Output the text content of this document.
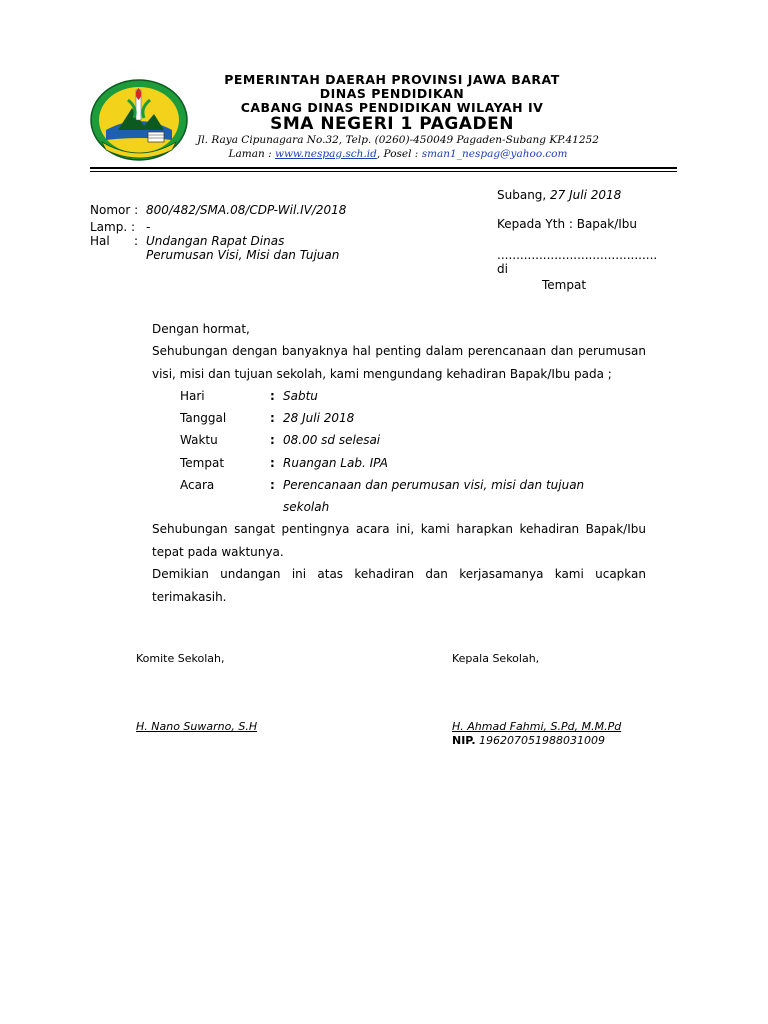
PEMERINTAH DAERAH PROVINSI JAWA BARAT
DINAS PENDIDIKAN
CABANG DINAS PENDIDIKAN WILAYAH IV
SMA NEGERI 1 PAGADEN
Jl. Raya Cipunagara No.32, Telp. (0260)-450049 Pagaden-Subang KP.41252
Laman : www.nespag.sch.id, Posel : sman1_nespag@yahoo.com
Nomor : 800/482/SMA.08/CDP-Wil.IV/2018
Lamp. : -
Hal : Undangan Rapat Dinas
Perumusan Visi, Misi dan Tujuan
Subang, 27 Juli 2018
Kepada Yth : Bapak/Ibu
..........................................
di
Tempat
Dengan hormat,
Sehubungan dengan banyaknya hal penting dalam perencanaan dan perumusan
visi, misi dan tujuan sekolah, kami mengundang kehadiran Bapak/Ibu pada ;
Hari	: Sabtu
Tanggal	: 28 Juli 2018
Waktu	: 08.00 sd selesai
Tempat	: Ruangan Lab. IPA
Acara	: Perencanaan dan perumusan visi, misi dan tujuan
sekolah
Sehubungan sangat pentingnya acara ini, kami harapkan kehadiran Bapak/Ibu
tepat pada waktunya.
Demikian undangan ini atas kehadiran dan kerjasamanya kami ucapkan
terimakasih.
Komite Sekolah,
H. Nano Suwarno, S.H
Kepala Sekolah,
H. Ahmad Fahmi, S.Pd, M.M.Pd
NIP. 196207051988031009
